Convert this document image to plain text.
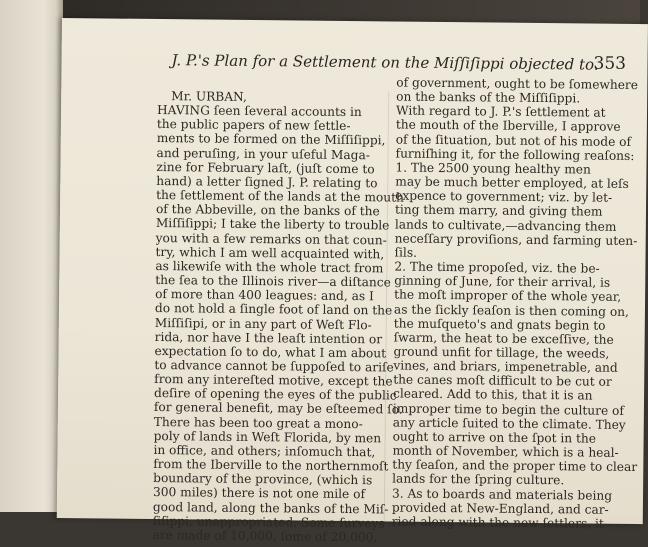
J. P.'s Plan for a Settlement on the Miſſiſippi objected to.
353
Mr. URBAN,
HAVING ſeen ſeveral accounts in
the public papers of new ſettle-
ments to be formed on the Miſſiſippi,
and peruſing, in your uſeful Maga-
zine for February laſt, (juſt come to
hand) a letter ſigned J. P. relating to
the ſettlement of the lands at the mouth
of the Abbeville, on the banks of the
Miſſiſippi; I take the liberty to trouble
you with a few remarks on that coun-
try, which I am well acquainted with,
as likewiſe with the whole tract from
the ſea to the Illinois river—a diſtance
of more than 400 leagues: and, as I
do not hold a ſingle foot of land on the
Miſſiſipi, or in any part of Weſt Flo-
rida, nor have I the leaſt intention or
expectation ſo to do, what I am about
to advance cannot be ſuppoſed to ariſe
from any intereſted motive, except the
deſire of opening the eyes of the public
for general benefit, may be eſteemed ſo.
There has been too great a mono-
poly of lands in Weſt Florida, by men
in office, and others; inſomuch that,
from the Iberville to the northernmoſt
boundary of the province, (which is
300 miles) there is not one mile of
good land, along the banks of the Miſ-
ſiſippi, unappropriated. Some ſurveys
are made of 10,000, ſome of 20,000,
of government, ought to be ſomewhere
on the banks of the Miſſiſippi.
With regard to J. P.'s ſettlement at
the mouth of the Iberville, I approve
of the ſituation, but not of his mode of
furniſhing it, for the following reaſons:
1. The 2500 young healthy men
may be much better employed, at leſs
expence to government; viz. by let-
ting them marry, and giving them
lands to cultivate,—advancing them
neceſſary proviſions, and farming uten-
ſils.
2. The time propoſed, viz. the be-
ginning of June, for their arrival, is
the moſt improper of the whole year,
as the ſickly ſeaſon is then coming on,
the muſqueto's and gnats begin to
ſwarm, the heat to be exceſſive, the
ground unfit for tillage, the weeds,
vines, and briars, impenetrable, and
the canes moſt difficult to be cut or
cleared. Add to this, that it is an
improper time to begin the culture of
any article ſuited to the climate. They
ought to arrive on the ſpot in the
month of November, which is a heal-
thy ſeaſon, and the proper time to clear
lands for the ſpring culture.
3. As to boards and materials being
provided at New-England, and car-
ried along with the new ſettlers, it
